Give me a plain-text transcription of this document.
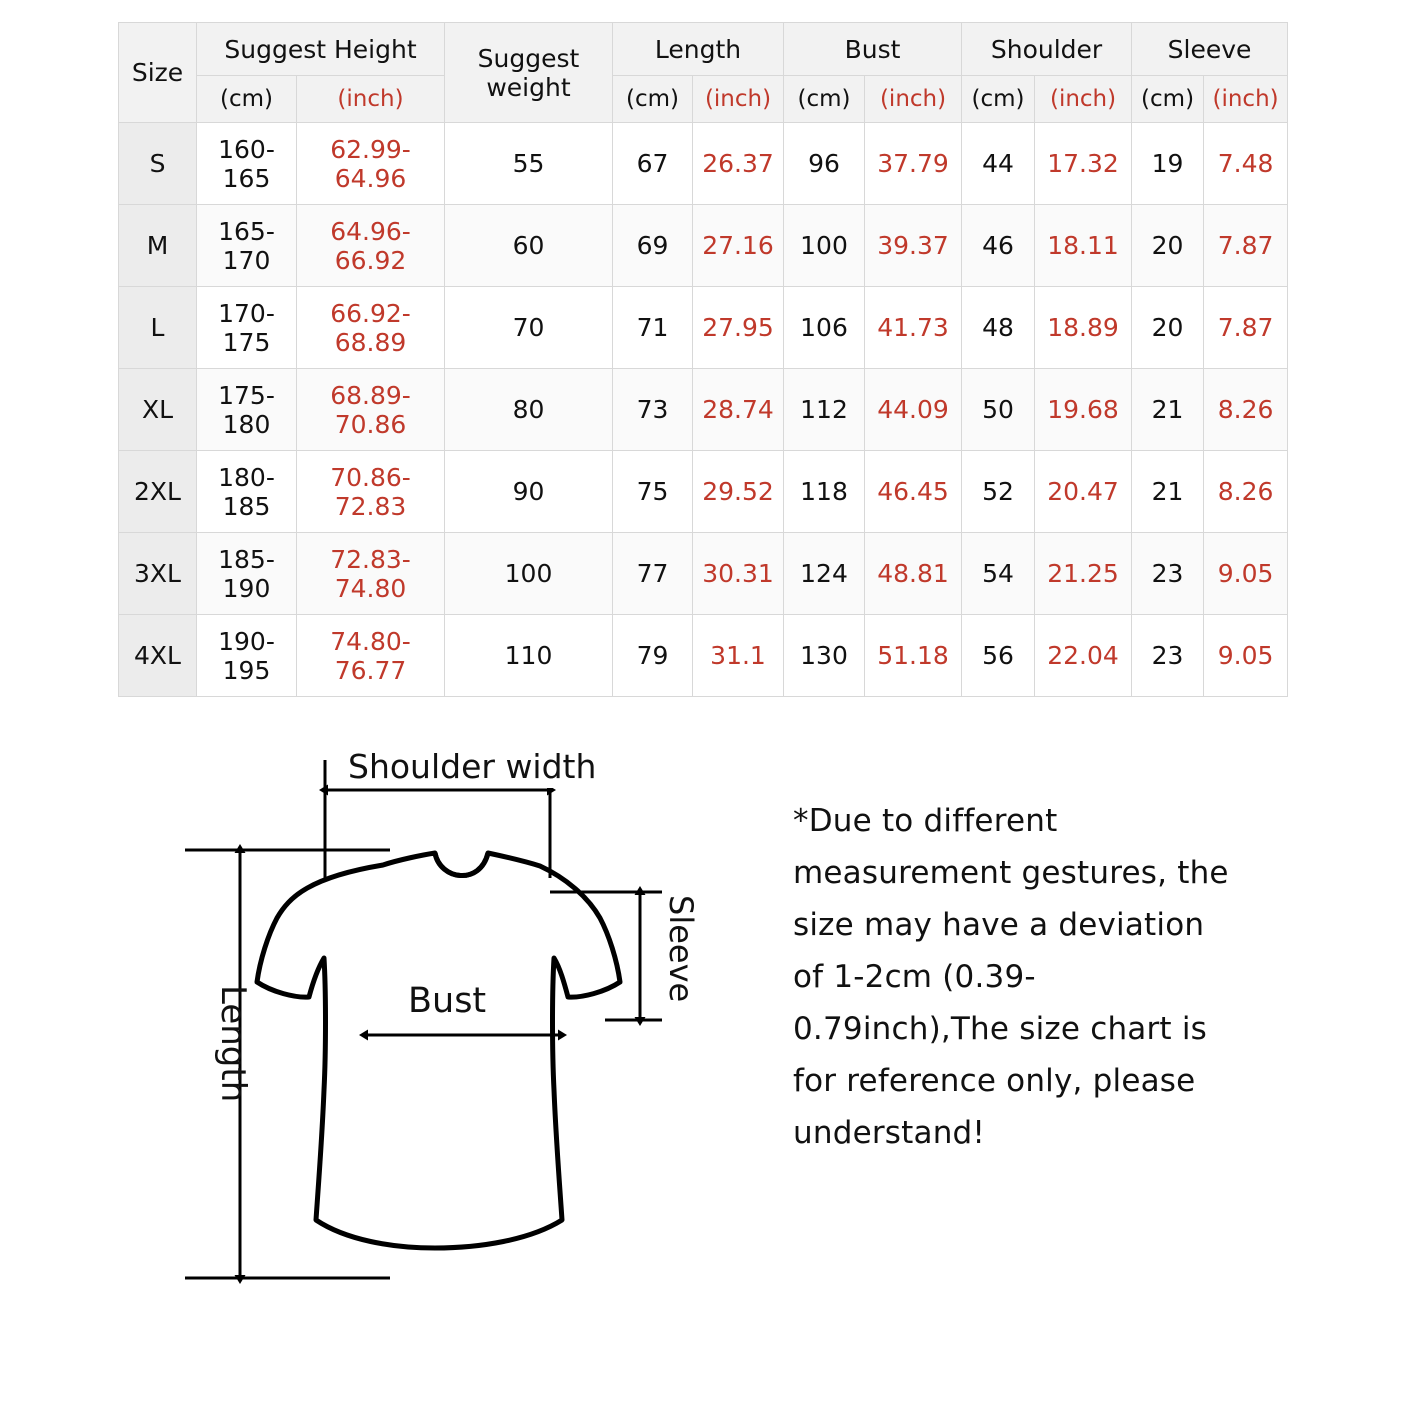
Size	Suggest Height		Suggest weight	Length		Bust		Shoulder		Sleeve	
	(cm)	(inch)		(cm)	(inch)	(cm)	(inch)	(cm)	(inch)	(cm)	(inch)
S	160-165	62.99-64.96	55	67	26.37	96	37.79	44	17.32	19	7.48
M	165-170	64.96-66.92	60	69	27.16	100	39.37	46	18.11	20	7.87
L	170-175	66.92-68.89	70	71	27.95	106	41.73	48	18.89	20	7.87
XL	175-180	68.89-70.86	80	73	28.74	112	44.09	50	19.68	21	8.26
2XL	180-185	70.86-72.83	90	75	29.52	118	46.45	52	20.47	21	8.26
3XL	185-190	72.83-74.80	100	77	30.31	124	48.81	54	21.25	23	9.05
4XL	190-195	74.80-76.77	110	79	31.1	130	51.18	56	22.04	23	9.05
Shoulder width
Bust	Sleeve
Length
*Due to different measurement gestures, the size may have a deviation of 1-2cm (0.39-0.79inch),The size chart is for reference only, please understand!
